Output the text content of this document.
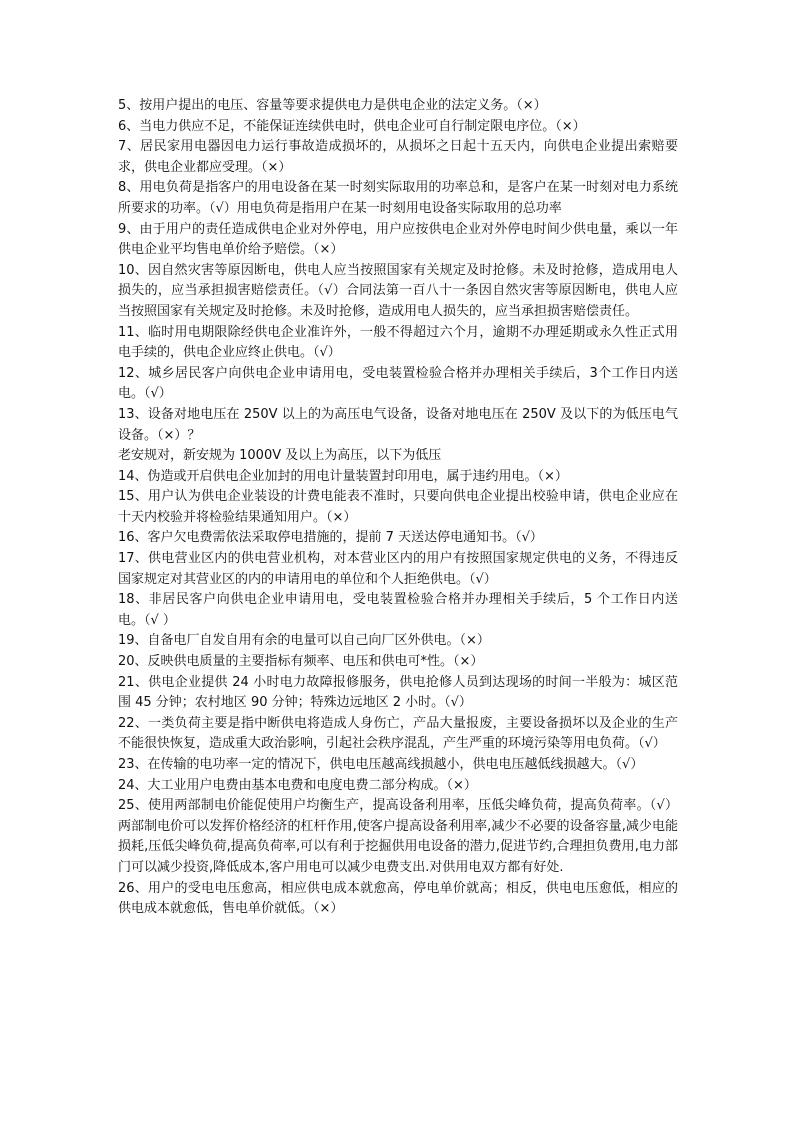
5、按用户提出的电压、容量等要求提供电力是供电企业的法定义务。（×）

6、当电力供应不足，不能保证连续供电时，供电企业可自行制定限电序位。（×）

7、居民家用电器因电力运行事故造成损坏的，从损坏之日起十五天内，向供电企业提出索赔要求，供电企业都应受理。（×）

8、用电负荷是指客户的用电设备在某一时刻实际取用的功率总和，是客户在某一时刻对电力系统所要求的功率。（√）用电负荷是指用户在某一时刻用电设备实际取用的总功率

9、由于用户的责任造成供电企业对外停电，用户应按供电企业对外停电时间少供电量，乘以一年供电企业平均售电单价给予赔偿。（×）

10、因自然灾害等原因断电，供电人应当按照国家有关规定及时抢修。未及时抢修，造成用电人损失的，应当承担损害赔偿责任。（√）合同法第一百八十一条因自然灾害等原因断电，供电人应当按照国家有关规定及时抢修。未及时抢修，造成用电人损失的，应当承担损害赔偿责任。

11、临时用电期限除经供电企业准许外，一般不得超过六个月，逾期不办理延期或永久性正式用电手续的，供电企业应终止供电。（√）

12、城乡居民客户向供电企业申请用电，受电装置检验合格并办理相关手续后，3个工作日内送电。（√）

13、设备对地电压在 250V 以上的为高压电气设备，设备对地电压在 250V 及以下的为低压电气设备。（×）？

老安规对，新安规为 1000V 及以上为高压，以下为低压

14、伪造或开启供电企业加封的用电计量装置封印用电，属于违约用电。（×）

15、用户认为供电企业装设的计费电能表不准时，只要向供电企业提出校验申请，供电企业应在十天内校验并将检验结果通知用户。（×）

16、客户欠电费需依法采取停电措施的，提前 7 天送达停电通知书。（√）

17、供电营业区内的供电营业机构，对本营业区内的用户有按照国家规定供电的义务，不得违反国家规定对其营业区的内的申请用电的单位和个人拒绝供电。（√）

18、非居民客户向供电企业申请用电，受电装置检验合格并办理相关手续后，5 个工作日内送电。（√ ）

19、自备电厂自发自用有余的电量可以自己向厂区外供电。（×）

20、反映供电质量的主要指标有频率、电压和供电可*性。（×）

21、供电企业提供 24 小时电力故障报修服务，供电抢修人员到达现场的时间一半般为：城区范围 45 分钟；农村地区 90 分钟；特殊边远地区 2 小时。（√）

22、一类负荷主要是指中断供电将造成人身伤亡，产品大量报废，主要设备损坏以及企业的生产不能很快恢复，造成重大政治影响，引起社会秩序混乱，产生严重的环境污染等用电负荷。（√）

23、在传输的电功率一定的情况下，供电电压越高线损越小，供电电压越低线损越大。（√）

24、大工业用户电费由基本电费和电度电费二部分构成。（×）

25、使用两部制电价能促使用户均衡生产，提高设备利用率，压低尖峰负荷，提高负荷率。（√）两部制电价可以发挥价格经济的杠杆作用,使客户提高设备利用率,减少不必要的设备容量,减少电能损耗,压低尖峰负荷,提高负荷率,可以有利于挖掘供用电设备的潜力,促进节约,合理担负费用,电力部门可以减少投资,降低成本,客户用电可以减少电费支出.对供用电双方都有好处.

26、用户的受电电压愈高，相应供电成本就愈高，停电单价就高；相反，供电电压愈低，相应的供电成本就愈低，售电单价就低。（×）
